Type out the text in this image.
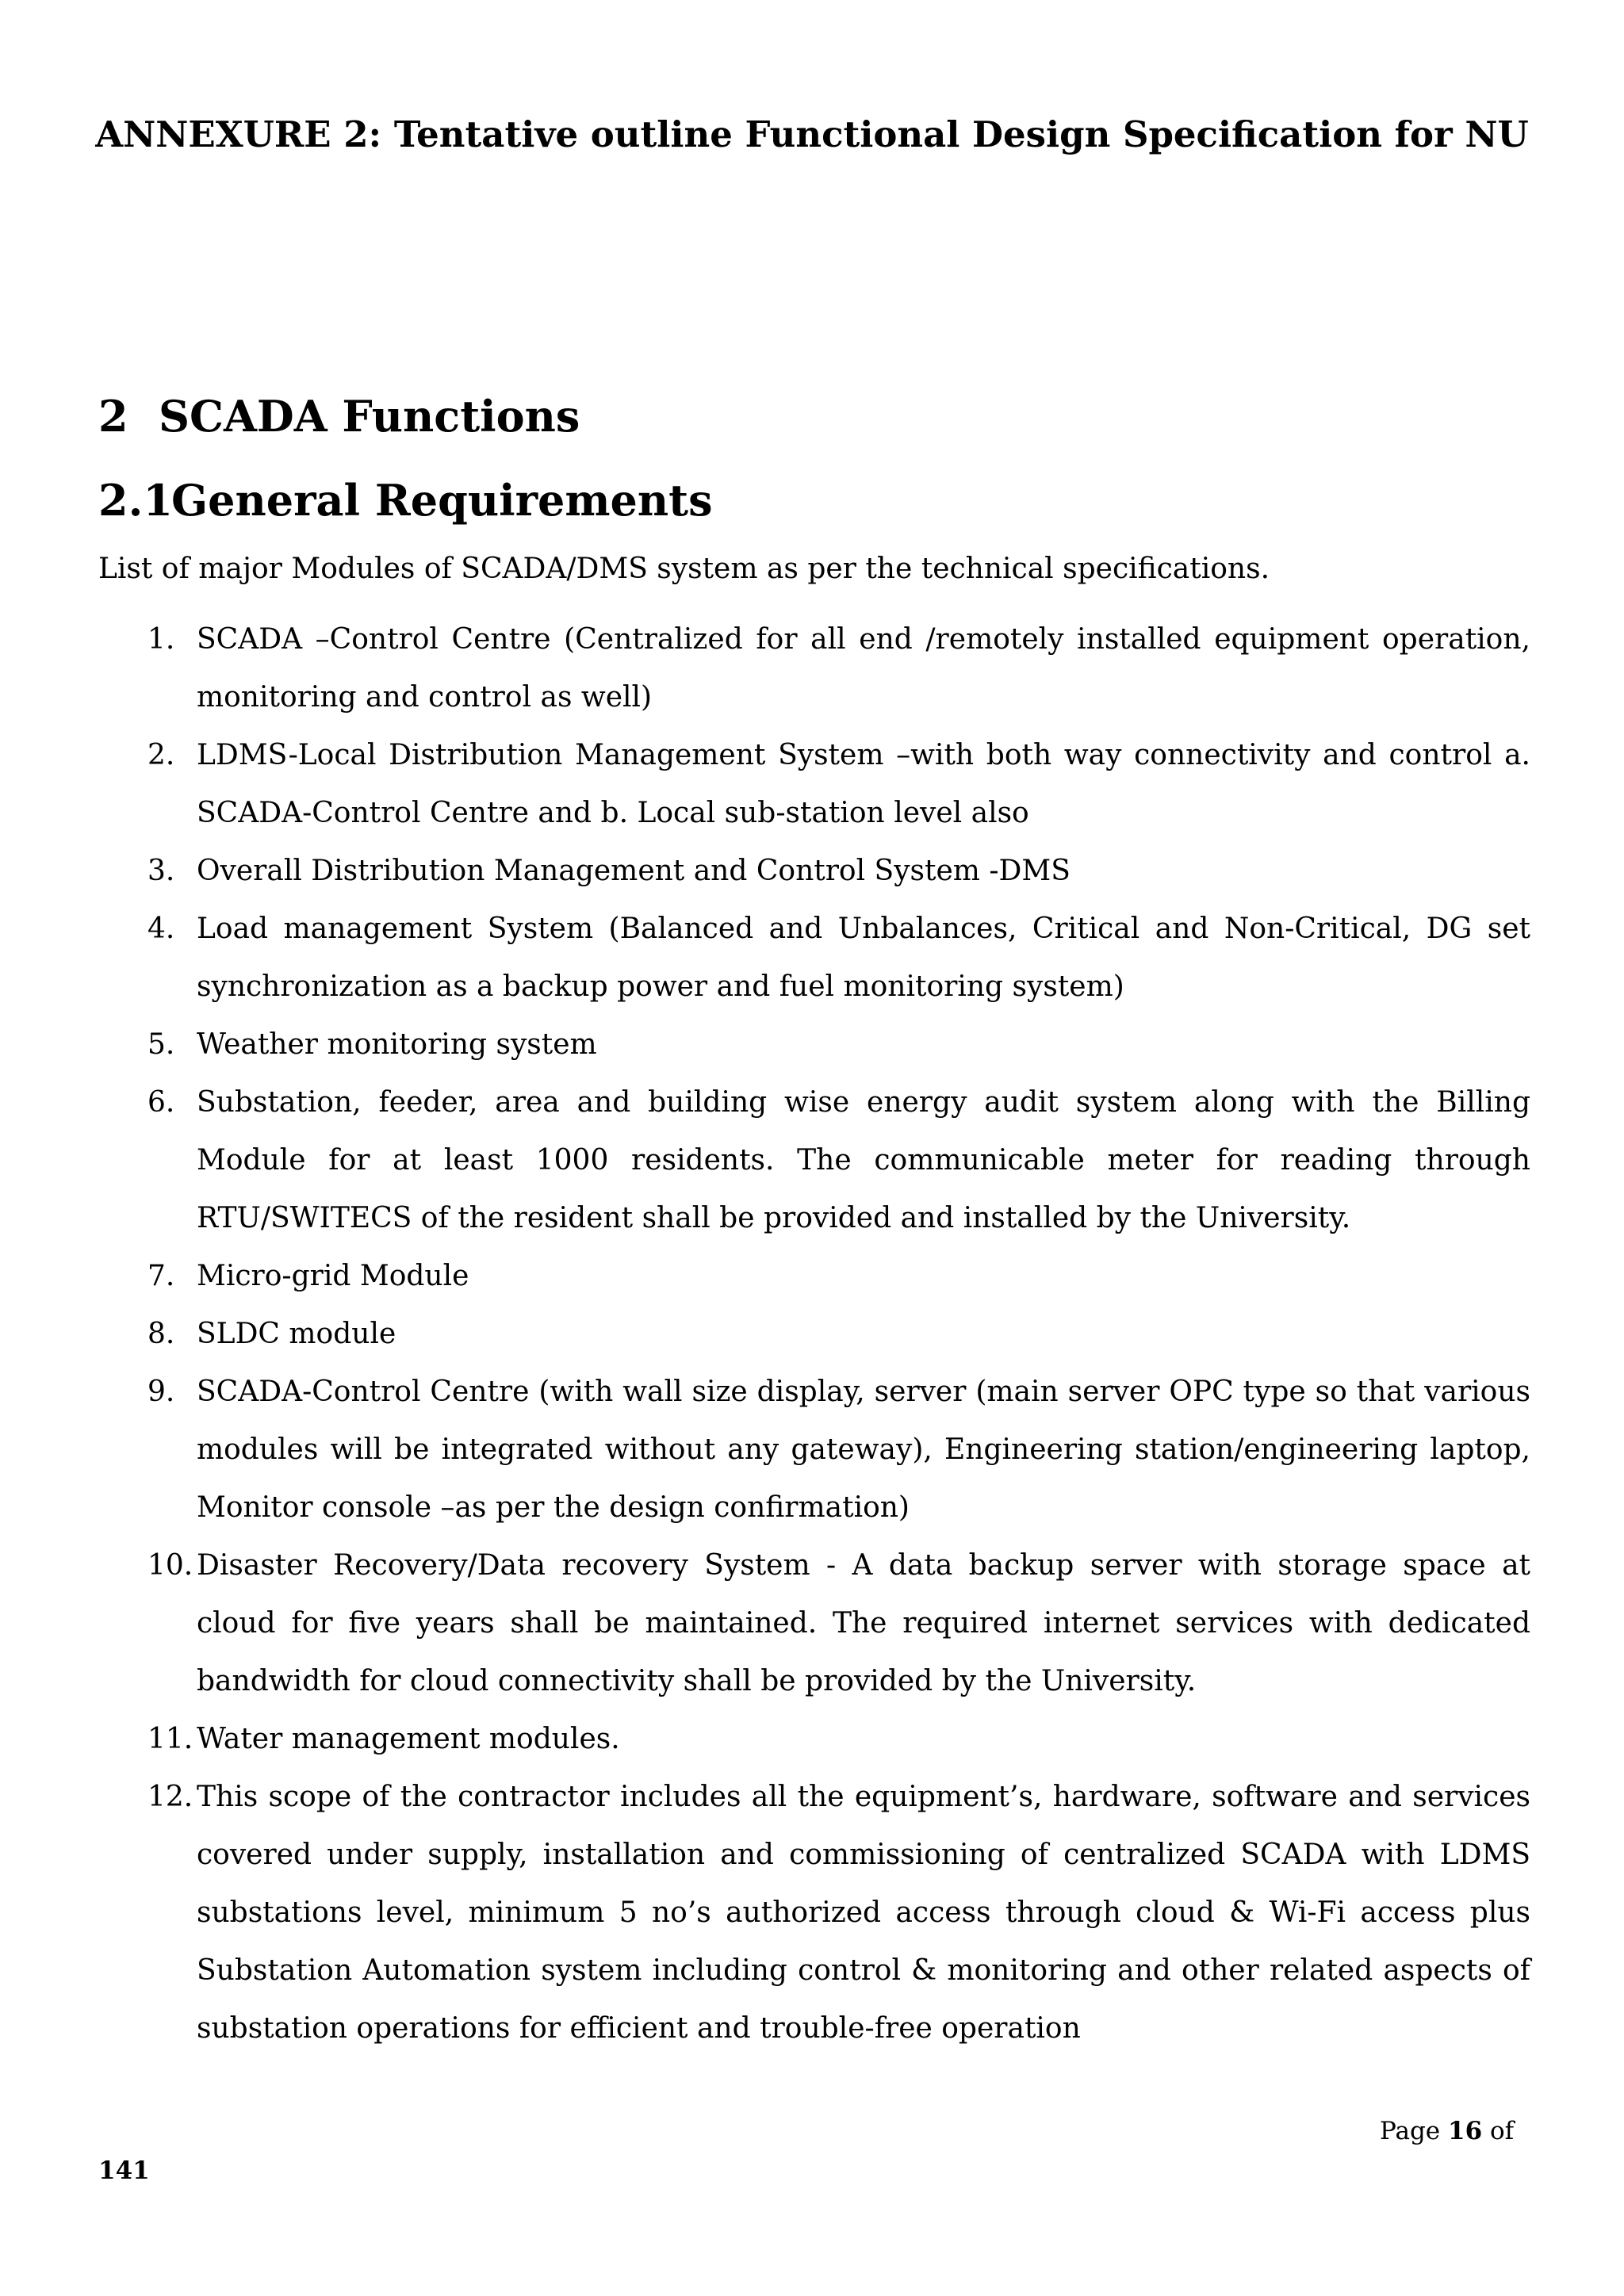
ANNEXURE 2: Tentative outline Functional Design Specification for NU
2 SCADA Functions
2.1General Requirements

List of major Modules of SCADA/DMS system as per the technical specifications.

1. SCADA –Control Centre (Centralized for all end /remotely installed equipment operation, monitoring and control as well)
2. LDMS-Local Distribution Management System –with both way connectivity and control a. SCADA-Control Centre and b. Local sub-station level also
3. Overall Distribution Management and Control System -DMS
4. Load management System (Balanced and Unbalances, Critical and Non-Critical, DG set synchronization as a backup power and fuel monitoring system)
5. Weather monitoring system
6. Substation, feeder, area and building wise energy audit system along with the Billing Module for at least 1000 residents. The communicable meter for reading through RTU/SWITECS of the resident shall be provided and installed by the University.
7. Micro-grid Module
8. SLDC module
9. SCADA-Control Centre (with wall size display, server (main server OPC type so that various modules will be integrated without any gateway), Engineering station/engineering laptop, Monitor console –as per the design confirmation)
10. Disaster Recovery/Data recovery System - A data backup server with storage space at cloud for five years shall be maintained. The required internet services with dedicated bandwidth for cloud connectivity shall be provided by the University.
11. Water management modules.
12. This scope of the contractor includes all the equipment’s, hardware, software and services covered under supply, installation and commissioning of centralized SCADA with LDMS substations level, minimum 5 no’s authorized access through cloud & Wi-Fi access plus Substation Automation system including control & monitoring and other related aspects of substation operations for efficient and trouble-free operation

Page 16 of

141
